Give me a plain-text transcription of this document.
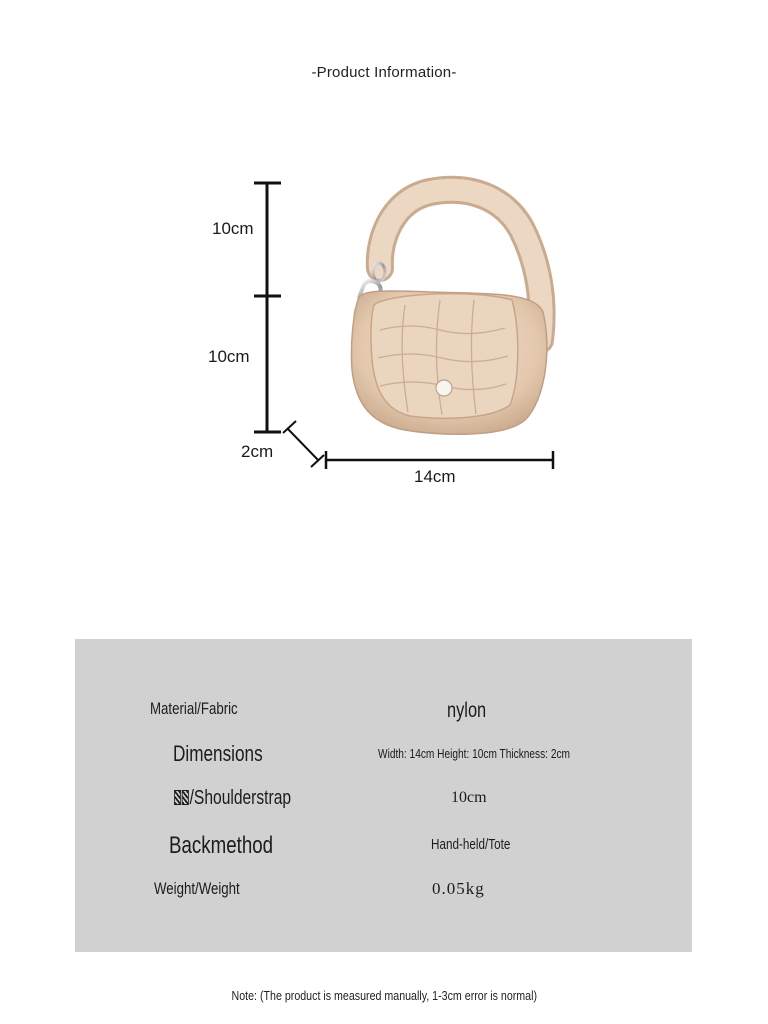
-Product Information-
10cm
10cm
2cm
14cm
Material/Fabric	nylon
Dimensions	Width: 14cm Height: 10cm Thickness: 2cm
/Shoulderstrap	10cm
Backmethod	Hand-held/Tote
Weight/Weight	0.05kg
Note: (The product is measured manually, 1-3cm error is normal)
